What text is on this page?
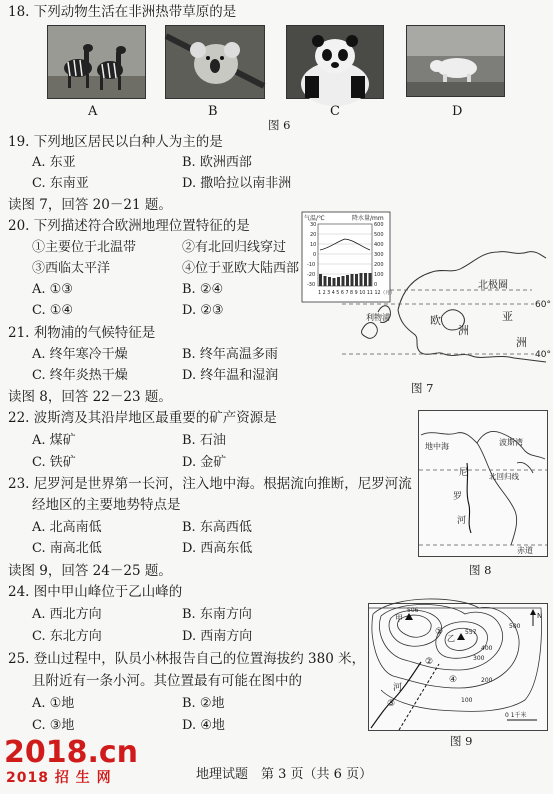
18. 下列动物生活在非洲热带草原的是
A	B	C	D
图 6
19. 下列地区居民以白种人为主的是
A. 东亚	B. 欧洲西部
C. 东南亚	D. 撒哈拉以南非洲
读图 7，回答 20－21 题。
20. 下列描述符合欧洲地理位置特征的是
①主要位于北温带	②有北回归线穿过
③西临太平洋	④位于亚欧大陆西部
A. ①③	B. ②④
C. ①④	D. ②③
21. 利物浦的气候特征是
A. 终年寒冷干燥	B. 终年高温多雨
C. 终年炎热干燥	D. 终年温和湿润
北极圈
60°
40°
欧
洲
亚
洲
利物浦
气温/℃	降水量/mm
30
20
10
0
-10
-20
-30
600
500
400
300
200
100
0
1 2 3 4 5 6 7 8 9 10 11 12（月）
图 7
读图 8，回答 22－23 题。
22. 波斯湾及其沿岸地区最重要的矿产资源是
A. 煤矿	B. 石油
C. 铁矿	D. 金矿
23. 尼罗河是世界第一长河，注入地中海。根据流向推断，尼罗河流
经地区的主要地势特点是
A. 北高南低	B. 东高西低
C. 南高北低	D. 西高东低
地中海	波斯湾
北回归线
尼
罗
河
赤道
图 8
读图 9，回答 24－25 题。
24. 图中甲山峰位于乙山峰的
A. 西北方向	B. 东南方向
C. 东北方向	D. 西南方向
25. 登山过程中，队员小林报告自己的位置海拔约 380 米，
且附近有一条小河。其位置最有可能在图中的
A. ①地	B. ②地
C. ③地	D. ④地
甲
506
乙
557
500
400
300
200
100
河
①
②
③
④
N
0 1千米
图 9
地理试题　第 3 页（共 6 页）
2018.cn
2018 招 生 网
